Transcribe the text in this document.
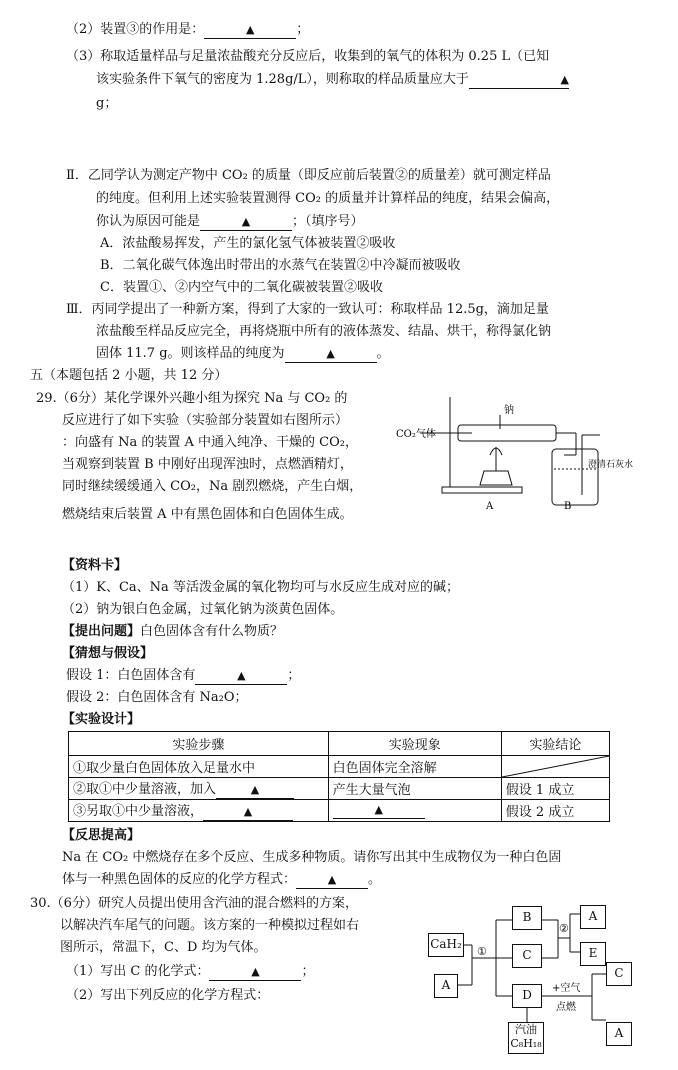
（2）装置③的作用是：	▲	；
（3）称取适量样品与足量浓盐酸充分反应后，收集到的氧气的体积为 0.25 L（已知
该实验条件下氧气的密度为 1.28g/L），则称取的样品质量应大于	▲
g；
Ⅱ．乙同学认为测定产物中 CO₂ 的质量（即反应前后装置②的质量差）就可测定样品
的纯度。但利用上述实验装置测得 CO₂ 的质量并计算样品的纯度，结果会偏高，
你认为原因可能是	▲	；（填序号）
A．浓盐酸易挥发，产生的氯化氢气体被装置②吸收
B．二氧化碳气体逸出时带出的水蒸气在装置②中冷凝而被吸收
C．装置①、②内空气中的二氧化碳被装置②吸收
Ⅲ．丙同学提出了一种新方案，得到了大家的一致认可：称取样品 12.5g，滴加足量
浓盐酸至样品反应完全，再将烧瓶中所有的液体蒸发、结晶、烘干，称得氯化钠
固体 11.7 g。则该样品的纯度为	▲	。
五（本题包括 2 小题，共 12 分）
29.（6分）某化学课外兴趣小组为探究 Na 与 CO₂ 的
反应进行了如下实验（实验部分装置如右图所示）
：向盛有 Na 的装置 A 中通入纯净、干燥的 CO₂，
当观察到装置 B 中刚好出现浑浊时，点燃酒精灯，
同时继续缓缓通入 CO₂，Na 剧烈燃烧，产生白烟，
燃烧结束后装置 A 中有黑色固体和白色固体生成。
钠
CO₂气体
澄清石灰水
A	B
【资料卡】
（1）K、Ca、Na 等活泼金属的氧化物均可与水反应生成对应的碱；
（2）钠为银白色金属，过氧化钠为淡黄色固体。
【提出问题】白色固体含有什么物质？
【猜想与假设】
假设 1：白色固体含有	▲	；
假设 2：白色固体含有 Na₂O；
【实验设计】
实验步骤	实验现象	实验结论
①取少量白色固体放入足量水中	白色固体完全溶解	

②取①中少量溶液，加入 ▲	产生大量气泡	假设 1 成立
③另取①中少量溶液， ▲	▲	假设 2 成立
【反思提高】
Na 在 CO₂ 中燃烧存在多个反应、生成多种物质。请你写出其中生成物仅为一种白色固
体与一种黑色固体的反应的化学方程式：	▲ 。
30.（6分）研究人员提出使用含汽油的混合燃料的方案，
以解决汽车尾气的问题。该方案的一种模拟过程如右
图所示，常温下，C、D 均为气体。
（1）写出 C 的化学式：	▲	；
（2）写出下列反应的化学方程式：
①
②
+空气
点燃
CaH₂
A
B
C
D
A
E
C
A
汽油
C₈H₁₈
